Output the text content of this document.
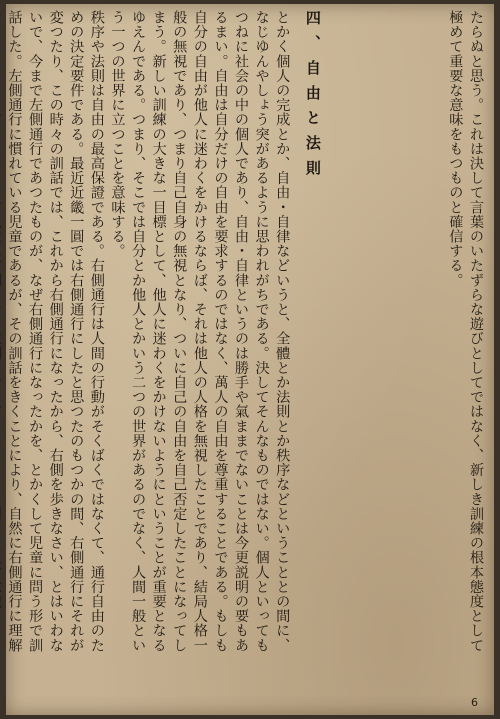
たらぬと思う。これは決して言葉のいたずらな遊びとしてではなく、新しき訓練の根本態度として極めて重要な意味をもつものと確信する。

四、自由と法則

とかく個人の完成とか、自由・自律などいうと、全體とか法則とか秩序などということとの間に、なじゆんやしょう突があるように思われがちである。決してそんなものではない。個人といってもつねに社会の中の個人であり、自由・自律というのは勝手や氣ままでないことは今更説明の要もあるまい。自由は自分だけの自由を要求するのではなく、萬人の自由を尊重することである。もしも自分の自由が他人に迷わくをかけるならば、それは他人の人格を無視したことであり、結局人格一般の無視であり、つまり自己自身の無視となり、ついに自己の自由を自己否定したことになってしまう。新しい訓練の大きな一目標として、他人に迷わくをかけないようにということが重要となるゆえんである。つまり、そこでは自分とか他人とかいう二つの世界があるのでなく、人間一般という一つの世界に立つことを意味する。

秩序や法則は自由の最高保證である。右側通行は人間の行動がそくばくではなくて、通行自由のための決定要件である。最近近畿一圓では右側通行にしたと思つたのもつかの間、右側通行にそれが変つたり、この時々の訓話では、これから右側通行になったから、右側を歩きなさい、とはいわないで、今まで左側通行であつたものが、なぜ右側通行になったかを、とかくして児童に問う形で訓話した。左側通行に慣れている児童であるが、その訓話をきくことにより、自然に右側通行に理解

6
